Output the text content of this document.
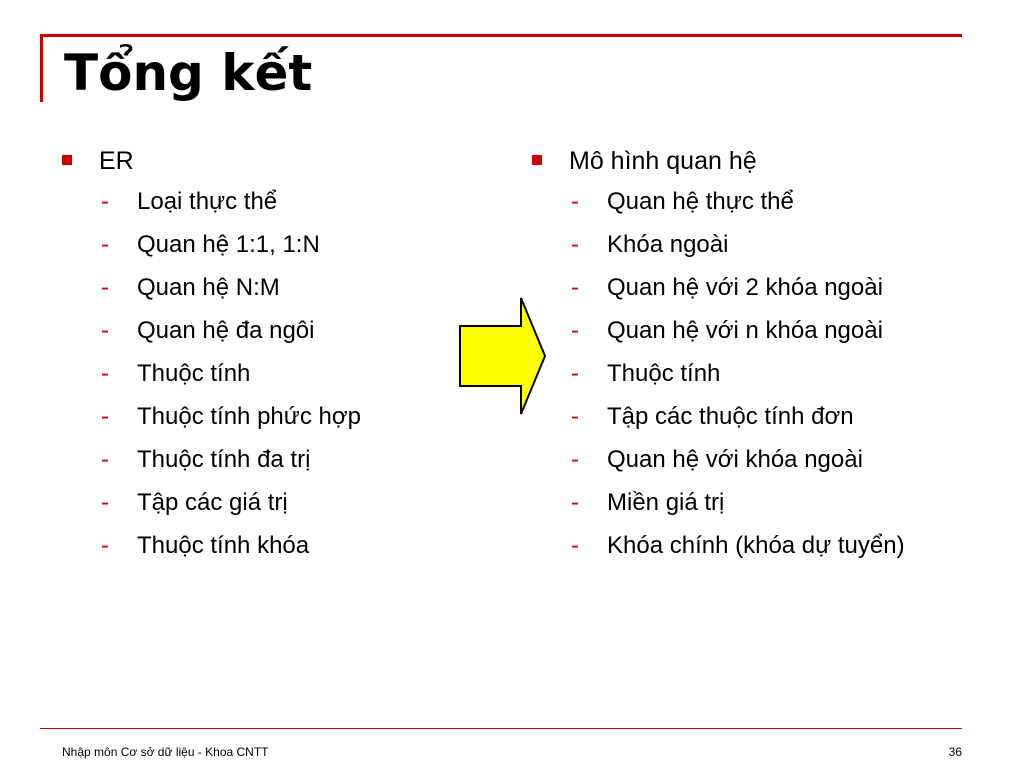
Tổng kết
ER
- Loại thực thể
- Quan hệ 1:1, 1:N
- Quan hệ N:M
- Quan hệ đa ngôi
- Thuộc tính
- Thuộc tính phức hợp
- Thuộc tính đa trị
- Tập các giá trị
- Thuộc tính khóa
Mô hình quan hệ
- Quan hệ thực thể
- Khóa ngoài
- Quan hệ với 2 khóa ngoài
- Quan hệ với n khóa ngoài
- Thuộc tính
- Tập các thuộc tính đơn
- Quan hệ với khóa ngoài
- Miền giá trị
- Khóa chính (khóa dự tuyển)
Nhập môn Cơ sở dữ liệu - Khoa CNTT	36
